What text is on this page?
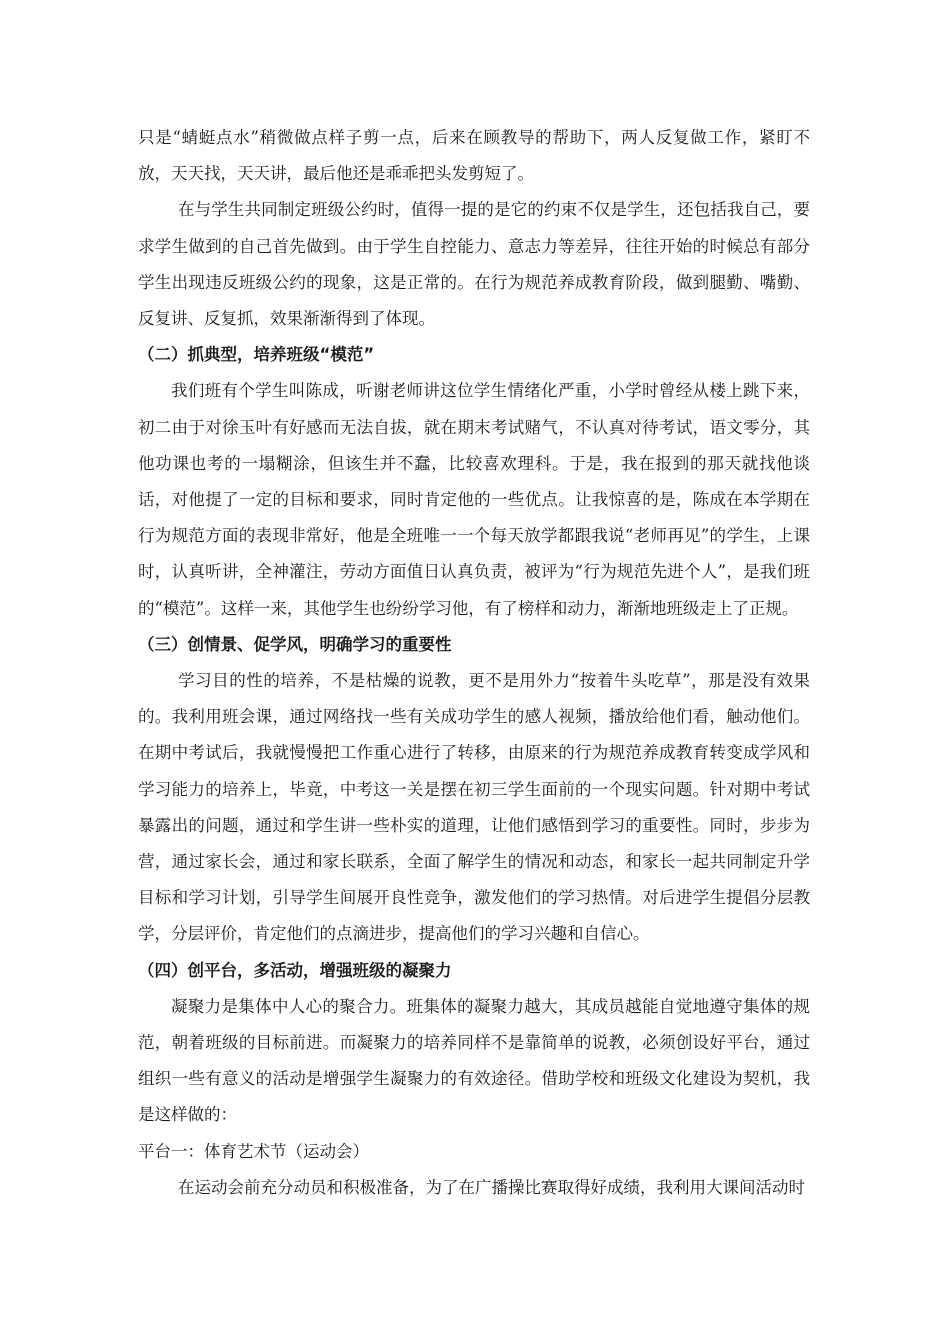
只是“蜻蜓点水”稍微做点样子剪一点，后来在顾教导的帮助下，两人反复做工作，紧盯不放，天天找，天天讲，最后他还是乖乖把头发剪短了。

在与学生共同制定班级公约时，值得一提的是它的约束不仅是学生，还包括我自己，要求学生做到的自己首先做到。由于学生自控能力、意志力等差异，往往开始的时候总有部分学生出现违反班级公约的现象，这是正常的。在行为规范养成教育阶段，做到腿勤、嘴勤、反复讲、反复抓，效果渐渐得到了体现。

（二）抓典型，培养班级“模范”

我们班有个学生叫陈成，听谢老师讲这位学生情绪化严重，小学时曾经从楼上跳下来，初二由于对徐玉叶有好感而无法自拔，就在期末考试赌气，不认真对待考试，语文零分，其他功课也考的一塌糊涂，但该生并不蠢，比较喜欢理科。于是，我在报到的那天就找他谈话，对他提了一定的目标和要求，同时肯定他的一些优点。让我惊喜的是，陈成在本学期在行为规范方面的表现非常好，他是全班唯一一个每天放学都跟我说“老师再见”的学生，上课时，认真听讲，全神灌注，劳动方面值日认真负责，被评为“行为规范先进个人”，是我们班的“模范”。这样一来，其他学生也纷纷学习他，有了榜样和动力，渐渐地班级走上了正规。

（三）创情景、促学风，明确学习的重要性

学习目的性的培养，不是枯燥的说教，更不是用外力“按着牛头吃草”，那是没有效果的。我利用班会课，通过网络找一些有关成功学生的感人视频，播放给他们看，触动他们。在期中考试后，我就慢慢把工作重心进行了转移，由原来的行为规范养成教育转变成学风和学习能力的培养上，毕竟，中考这一关是摆在初三学生面前的一个现实问题。针对期中考试暴露出的问题，通过和学生讲一些朴实的道理，让他们感悟到学习的重要性。同时，步步为营，通过家长会，通过和家长联系，全面了解学生的情况和动态，和家长一起共同制定升学目标和学习计划，引导学生间展开良性竞争，激发他们的学习热情。对后进学生提倡分层教学，分层评价，肯定他们的点滴进步，提高他们的学习兴趣和自信心。

（四）创平台，多活动，增强班级的凝聚力

凝聚力是集体中人心的聚合力。班集体的凝聚力越大，其成员越能自觉地遵守集体的规范，朝着班级的目标前进。而凝聚力的培养同样不是靠简单的说教，必须创设好平台，通过组织一些有意义的活动是增强学生凝聚力的有效途径。借助学校和班级文化建设为契机，我是这样做的：

平台一：体育艺术节（运动会）

在运动会前充分动员和积极准备，为了在广播操比赛取得好成绩，我利用大课间活动时
